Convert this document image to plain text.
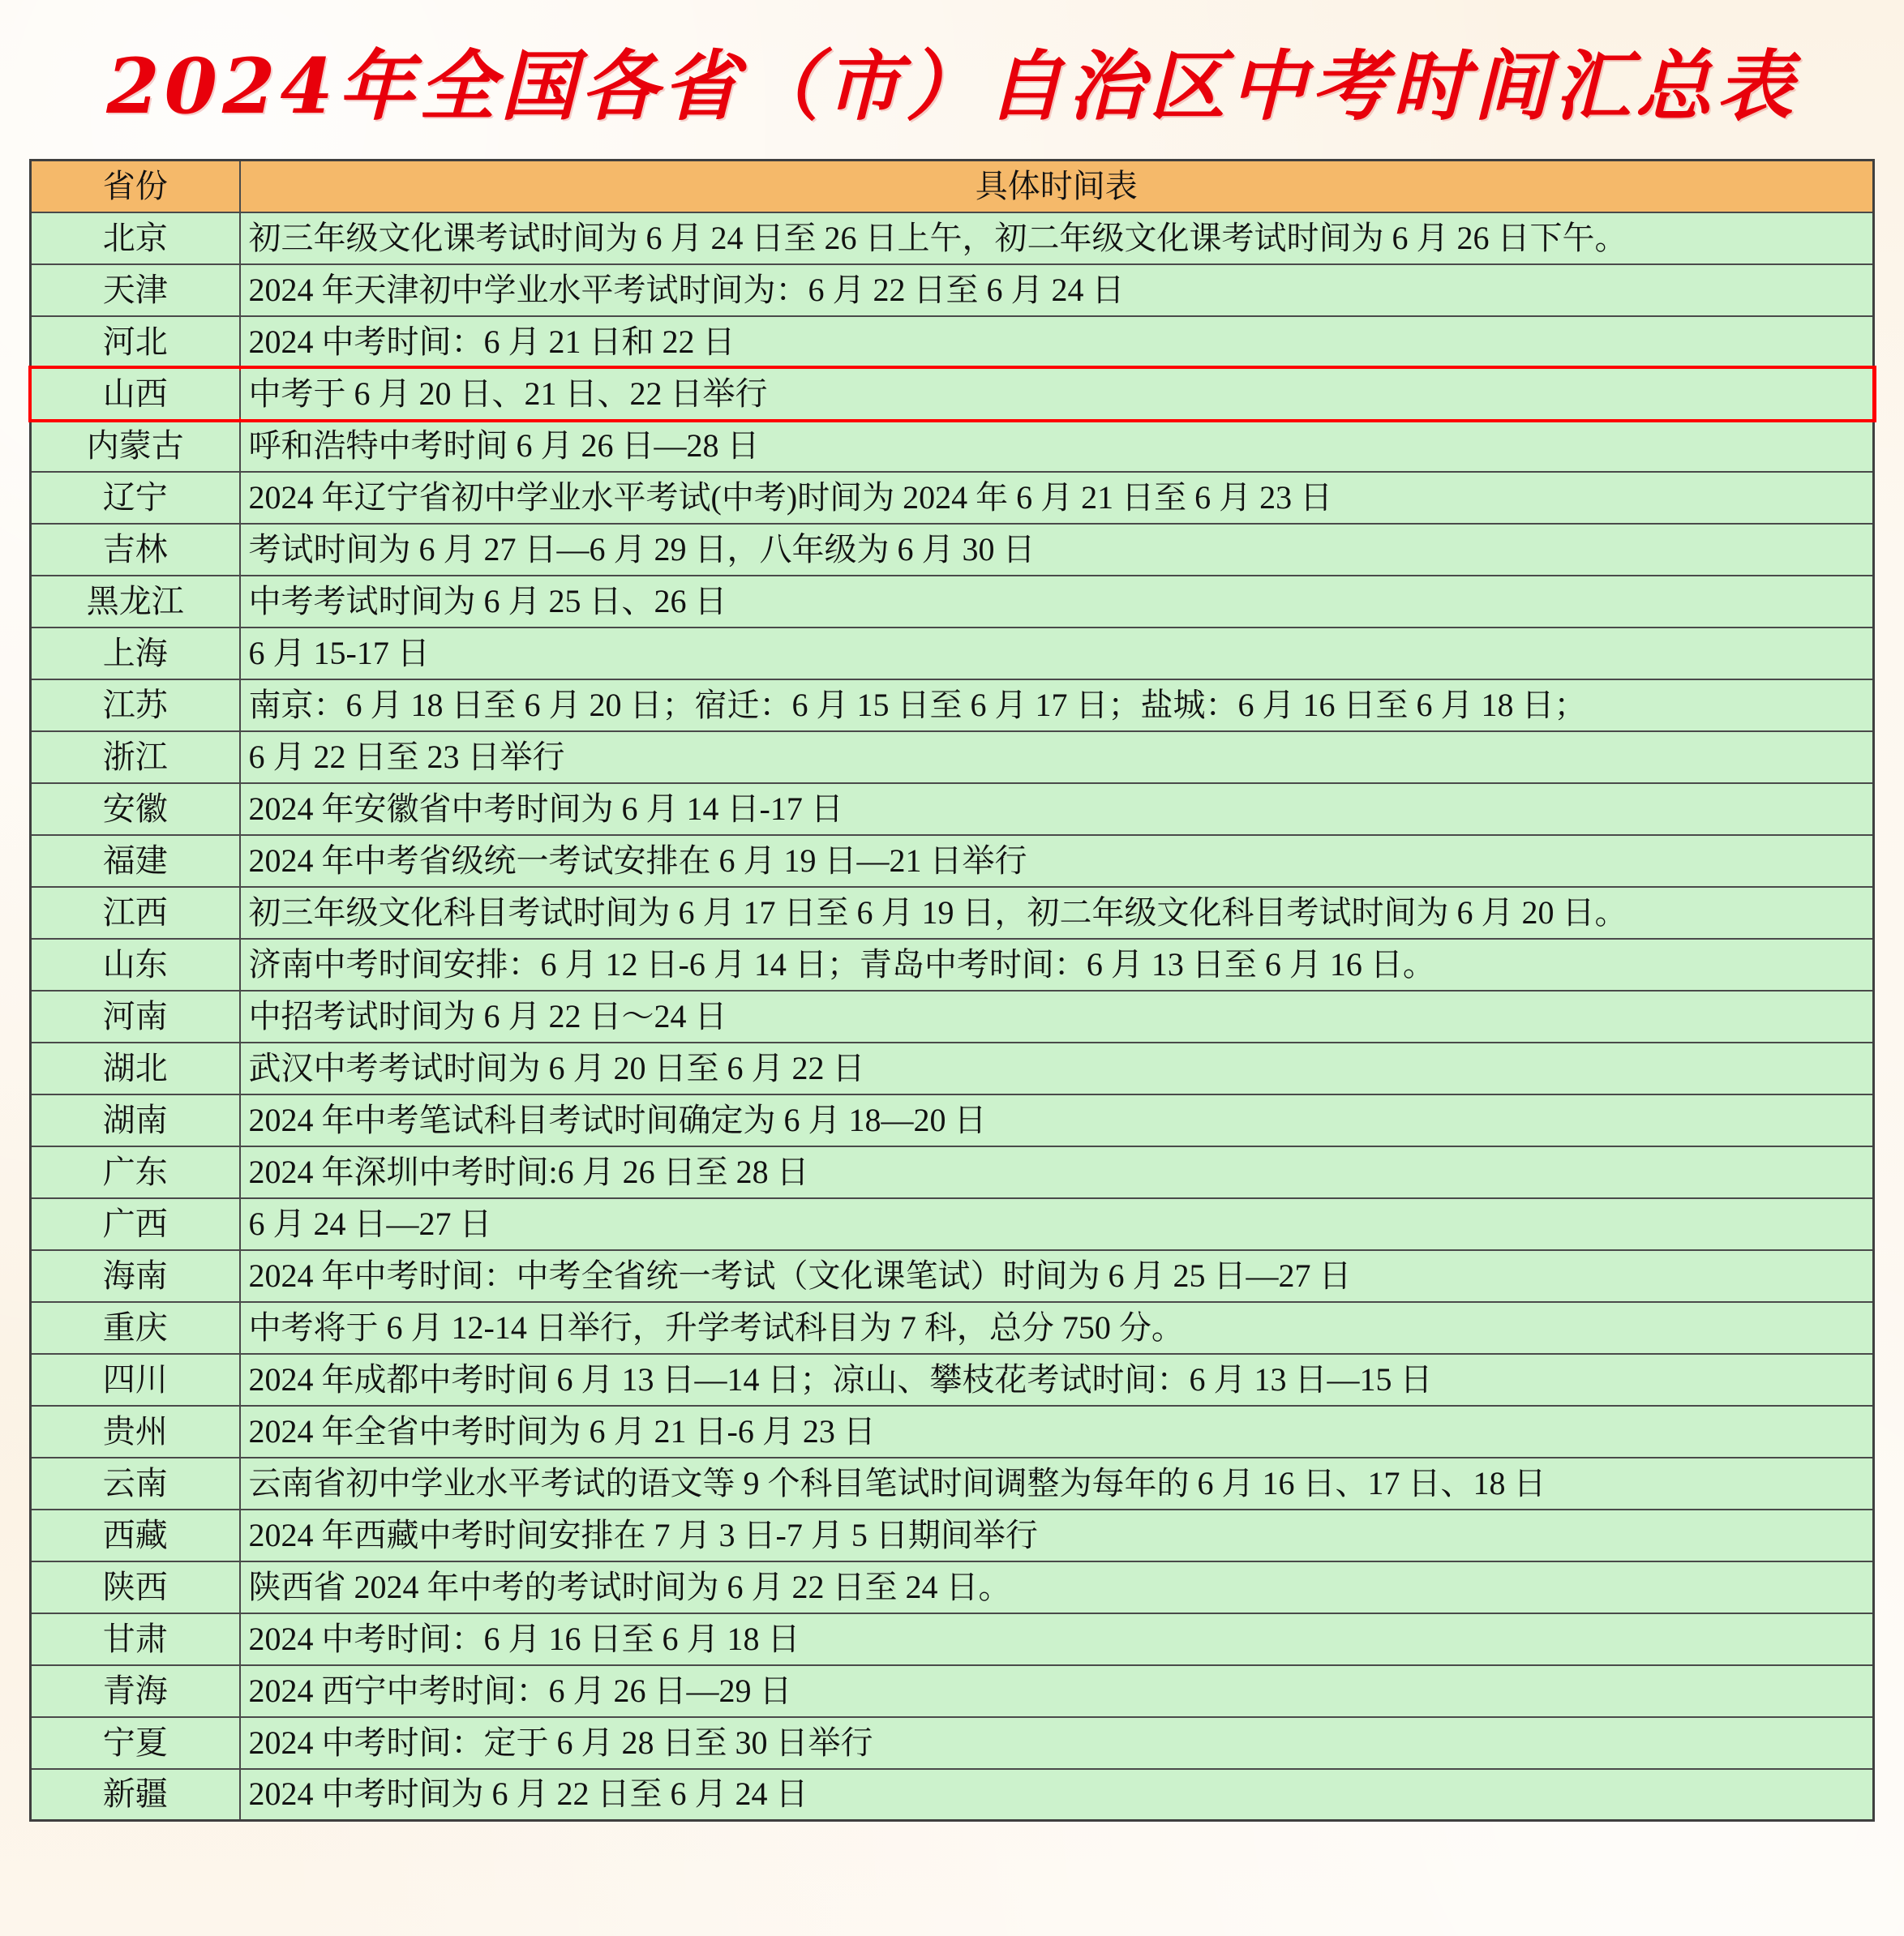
2024年全国各省（市）自治区中考时间汇总表
省份	具体时间表
北京	初三年级文化课考试时间为 6 月 24 日至 26 日上午，初二年级文化课考试时间为 6 月 26 日下午。
天津	2024 年天津初中学业水平考试时间为：6 月 22 日至 6 月 24 日
河北	2024 中考时间：6 月 21 日和 22 日
山西	中考于 6 月 20 日、21 日、22 日举行
内蒙古	呼和浩特中考时间 6 月 26 日—28 日
辽宁	2024 年辽宁省初中学业水平考试(中考)时间为 2024 年 6 月 21 日至 6 月 23 日
吉林	考试时间为 6 月 27 日—6 月 29 日，八年级为 6 月 30 日
黑龙江	中考考试时间为 6 月 25 日、26 日
上海	6 月 15-17 日
江苏	南京：6 月 18 日至 6 月 20 日；宿迁：6 月 15 日至 6 月 17 日；盐城：6 月 16 日至 6 月 18 日；
浙江	6 月 22 日至 23 日举行
安徽	2024 年安徽省中考时间为 6 月 14 日-17 日
福建	2024 年中考省级统一考试安排在 6 月 19 日—21 日举行
江西	初三年级文化科目考试时间为 6 月 17 日至 6 月 19 日，初二年级文化科目考试时间为 6 月 20 日。
山东	济南中考时间安排：6 月 12 日-6 月 14 日；青岛中考时间：6 月 13 日至 6 月 16 日。
河南	中招考试时间为 6 月 22 日～24 日
湖北	武汉中考考试时间为 6 月 20 日至 6 月 22 日
湖南	2024 年中考笔试科目考试时间确定为 6 月 18—20 日
广东	2024 年深圳中考时间:6 月 26 日至 28 日
广西	6 月 24 日—27 日
海南	2024 年中考时间：中考全省统一考试（文化课笔试）时间为 6 月 25 日—27 日
重庆	中考将于 6 月 12-14 日举行，升学考试科目为 7 科，总分 750 分。
四川	2024 年成都中考时间 6 月 13 日—14 日；凉山、攀枝花考试时间：6 月 13 日—15 日
贵州	2024 年全省中考时间为 6 月 21 日-6 月 23 日
云南	云南省初中学业水平考试的语文等 9 个科目笔试时间调整为每年的 6 月 16 日、17 日、18 日
西藏	2024 年西藏中考时间安排在 7 月 3 日-7 月 5 日期间举行
陕西	陕西省 2024 年中考的考试时间为 6 月 22 日至 24 日。
甘肃	2024 中考时间：6 月 16 日至 6 月 18 日
青海	2024 西宁中考时间：6 月 26 日—29 日
宁夏	2024 中考时间：定于 6 月 28 日至 30 日举行
新疆	2024 中考时间为 6 月 22 日至 6 月 24 日
